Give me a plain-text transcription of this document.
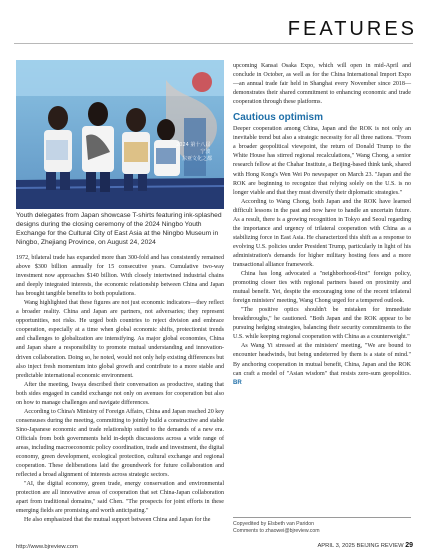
FEATURES
2024 第十八届 宁波 东亚文化之都
Youth delegates from Japan showcase T-shirts featuring ink-splashed designs during the closing ceremony of the 2024 Ningbo Youth Exchange for the Cultural City of East Asia at the Ningbo Museum in Ningbo, Zhejiang Province, on August 24, 2024

1972, bilateral trade has expanded more than 300-fold and has consistently remained above $300 billion annually for 15 consecutive years. Cumulative two-way investment now approaches $140 billion. With closely intertwined industrial chains and deeply integrated interests, the economic relationship between China and Japan has brought tangible benefits to both populations.

Wang highlighted that these figures are not just economic indicators—they reflect a broader reality. China and Japan are partners, not adversaries; they represent opportunities, not risks. He urged both countries to reject division and embrace cooperation, especially at a time when global economic shifts, protectionist trends and challenges to globalization are intensifying. As major global economies, China and Japan share a responsibility to promote mutual understanding and innovation-driven collaboration. Doing so, he noted, would not only help existing differences but also inject fresh momentum into global growth and contribute to a more stable and predictable international economic environment.

After the meeting, Iwaya described their conversation as productive, stating that both sides engaged in candid exchange not only on avenues for cooperation but also on how to manage challenges and navigate differences.

According to China's Ministry of Foreign Affairs, China and Japan reached 20 key consensuses during the meeting, committing to jointly build a constructive and stable Sino-Japanese economic and trade relationship suited to the demands of a new era. Officials from both governments held in-depth discussions across a wide range of areas, including macroeconomic policy coordination, trade and investment, the digital economy, green development, ecological protection, cultural exchange and regional cooperation. These deliberations laid the groundwork for future collaboration and reflected a broad alignment of interests across strategic sectors.

"AI, the digital economy, green trade, energy conservation and environmental protection are all innovative areas of cooperation that set China-Japan collaboration apart from traditional domains," said Chen. "The prospects for joint efforts in these emerging fields are promising and worth anticipating."

He also emphasized that the mutual support between China and Japan for the

upcoming Kansai Osaka Expo, which will open in mid-April and conclude in October, as well as for the China International Import Expo—an annual trade fair held in Shanghai every November since 2018—demonstrates their shared commitment to enhancing economic and trade cooperation through these platforms.

Cautious optimism

Deeper cooperation among China, Japan and the ROK is not only an inevitable trend but also a strategic necessity for all three nations. "From a broader geopolitical viewpoint, the return of Donald Trump to the White House has stirred regional recalculations," Wang Chong, a senior research fellow at the Chahar Institute, a Beijing-based think tank, shared with Hong Kong's Wen Wei Po newspaper on March 23. "Japan and the ROK are beginning to recognize that relying solely on the U.S. is no longer viable and that they must diversify their diplomatic strategies."

According to Wang Chong, both Japan and the ROK have learned difficult lessons in the past and now have to handle an uncertain future. As a result, there is a growing recognition in Tokyo and Seoul regarding the importance and urgency of trilateral cooperation with China as a stabilizing force in East Asia. He characterized this shift as a response to evolving U.S. policies under President Trump, particularly in light of his administration's demands for higher military hosting fees and a more transactional alliance framework.

China has long advocated a "neighborhood-first" foreign policy, promoting closer ties with regional partners based on proximity and mutual benefit. Yet, despite the encouraging tone of the recent trilateral foreign ministers' meeting, Wang Chong urged for a tempered outlook.

"The positive optics shouldn't be mistaken for immediate breakthroughs," he cautioned. "Both Japan and the ROK appear to be pursuing hedging strategies, balancing their security commitments to the U.S. while keeping regional cooperation with China as a counterweight."

As Wang Yi stressed at the ministers' meeting, "We are bound to encounter headwinds, but being undeterred by them is a state of mind." By anchoring cooperation in mutual benefit, China, Japan and the ROK can craft a model of "Asian wisdom" that resists zero-sum geopolitics. BR

Copyedited by Elsbeth van Paridon
Comments to zhaowei@bjreview.com
http://www.bjreview.com	APRIL 3, 2025 BEIJING REVIEW 29
